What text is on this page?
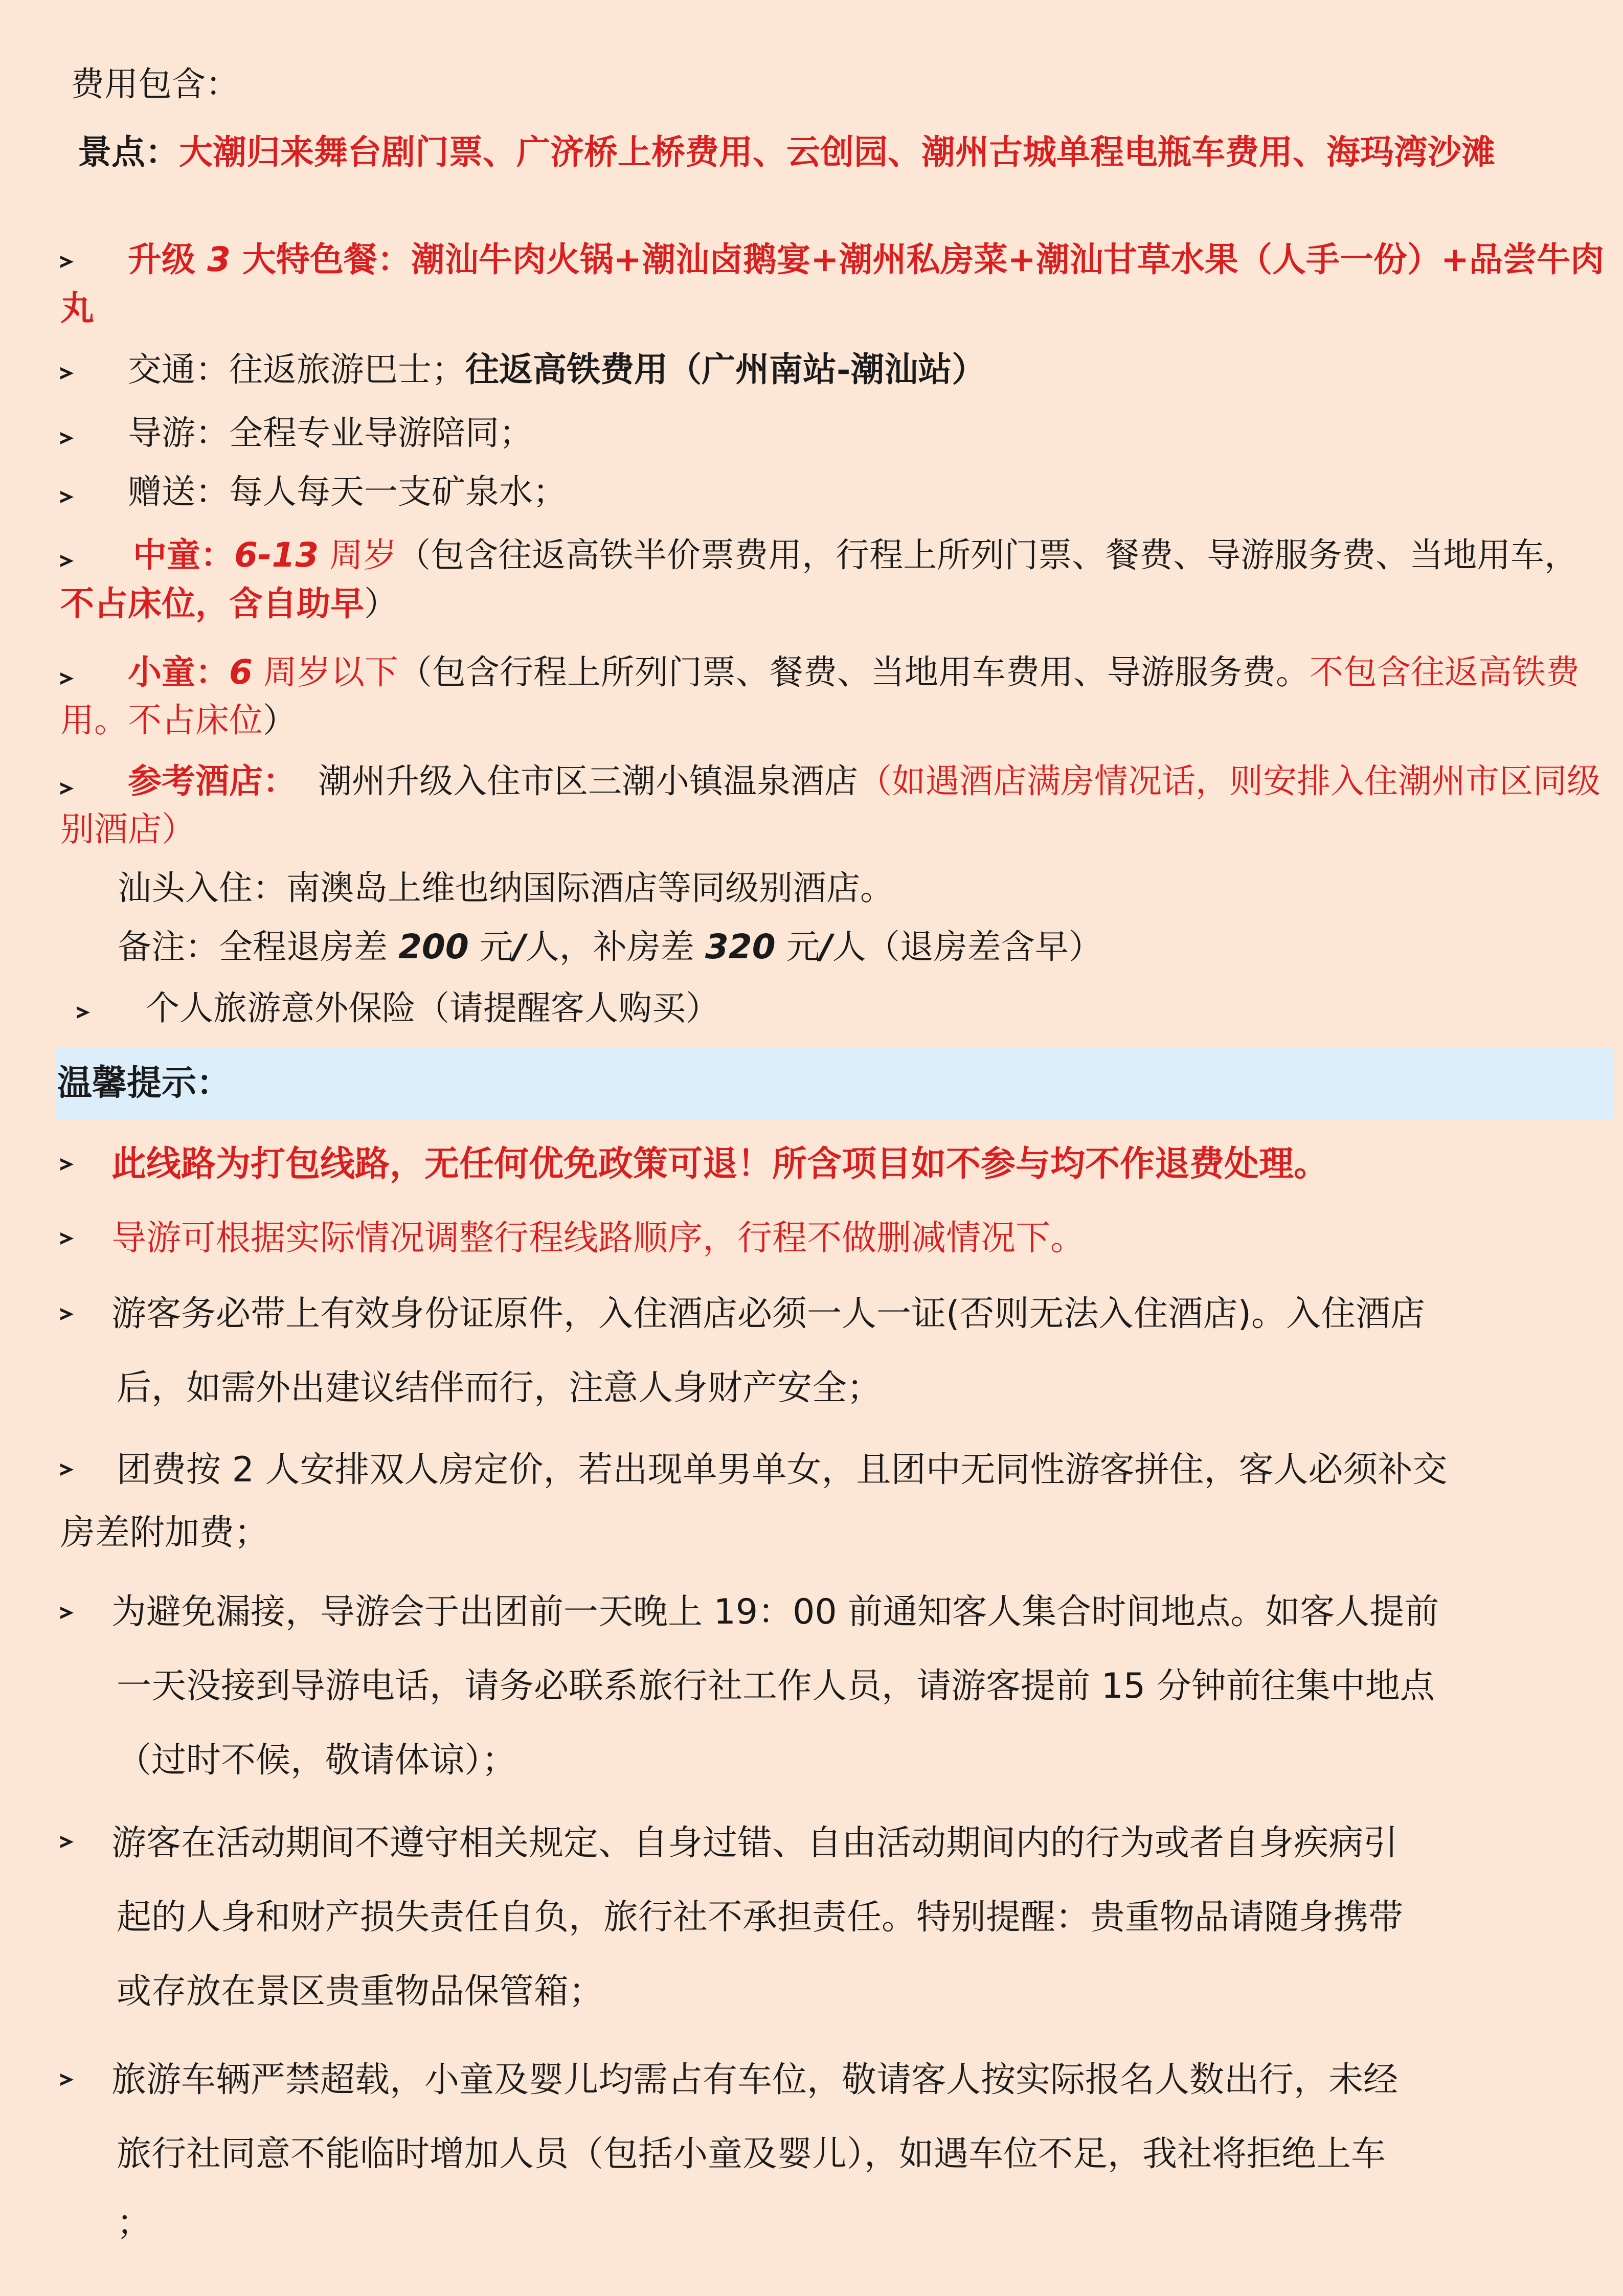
费用包含：
景点：大潮归来舞台剧门票、广济桥上桥费用、云创园、潮州古城单程电瓶车费用、海玛湾沙滩
升级 3 大特色餐：潮汕牛肉火锅+潮汕卤鹅宴+潮州私房菜+潮汕甘草水果（人手一份）+品尝牛肉丸
交通：往返旅游巴士；往返高铁费用（广州南站-潮汕站）
导游：全程专业导游陪同；
赠送：每人每天一支矿泉水；
中童：6-13 周岁（包含往返高铁半价票费用，行程上所列门票、餐费、导游服务费、当地用车，不占床位，含自助早）
小童：6 周岁以下（包含行程上所列门票、餐费、当地用车费用、导游服务费。不包含往返高铁费用。不占床位）
参考酒店： 潮州升级入住市区三潮小镇温泉酒店（如遇酒店满房情况话，则安排入住潮州市区同级别酒店）
汕头入住：南澳岛上维也纳国际酒店等同级别酒店。
备注：全程退房差 200 元/人，补房差 320 元/人（退房差含早）
个人旅游意外保险（请提醒客人购买）
温馨提示：
此线路为打包线路，无任何优免政策可退！所含项目如不参与均不作退费处理。
导游可根据实际情况调整行程线路顺序，行程不做删减情况下。
游客务必带上有效身份证原件，入住酒店必须一人一证(否则无法入住酒店)。入住酒店
后，如需外出建议结伴而行，注意人身财产安全；
团费按 2 人安排双人房定价，若出现单男单女，且团中无同性游客拼住，客人必须补交
房差附加费；
为避免漏接，导游会于出团前一天晚上 19：00 前通知客人集合时间地点。如客人提前
一天没接到导游电话，请务必联系旅行社工作人员，请游客提前 15 分钟前往集中地点
（过时不候，敬请体谅）；
游客在活动期间不遵守相关规定、自身过错、自由活动期间内的行为或者自身疾病引
起的人身和财产损失责任自负，旅行社不承担责任。特别提醒：贵重物品请随身携带
或存放在景区贵重物品保管箱；
旅游车辆严禁超载，小童及婴儿均需占有车位，敬请客人按实际报名人数出行，未经
旅行社同意不能临时增加人员（包括小童及婴儿），如遇车位不足，我社将拒绝上车
；
